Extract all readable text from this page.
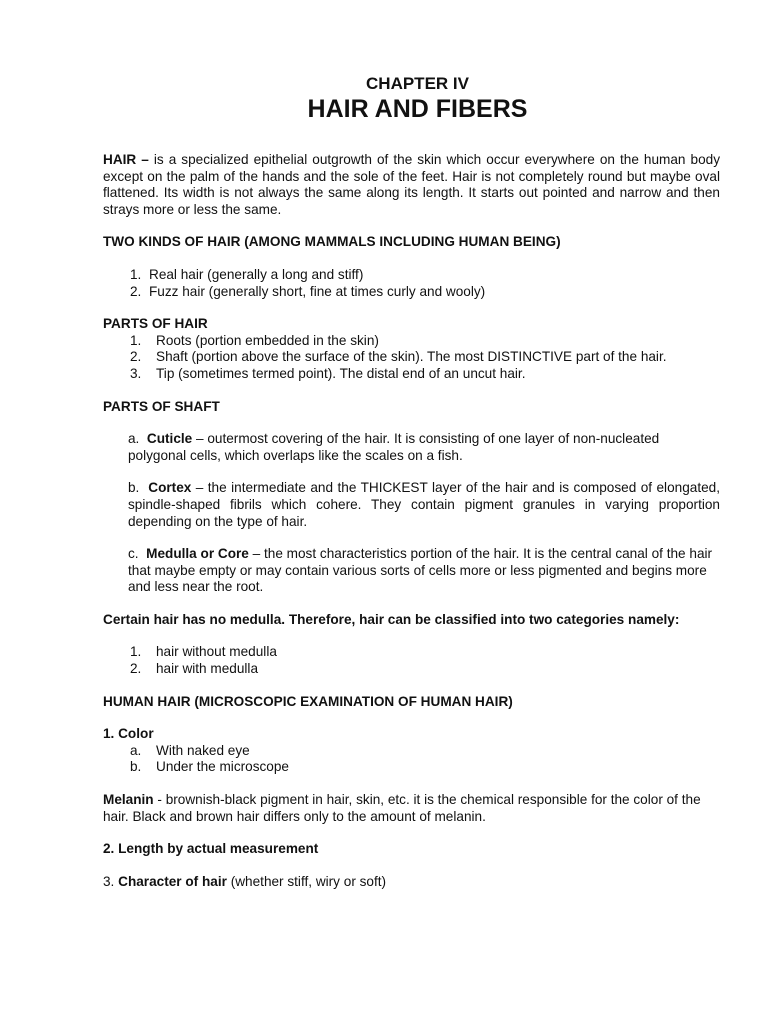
CHAPTER IV

HAIR AND FIBERS

HAIR – is a specialized epithelial outgrowth of the skin which occur everywhere on the human body except on the palm of the hands and the sole of the feet. Hair is not completely round but maybe oval flattened. Its width is not always the same along its length. It starts out pointed and narrow and then strays more or less the same.

TWO KINDS OF HAIR (AMONG MAMMALS INCLUDING HUMAN BEING)

1. Real hair (generally a long and stiff)
2. Fuzz hair (generally short, fine at times curly and wooly)

PARTS OF HAIR

1.	Roots (portion embedded in the skin)
2.	Shaft (portion above the surface of the skin). The most DISTINCTIVE part of the hair.
3.	Tip (sometimes termed point). The distal end of an uncut hair.

PARTS OF SHAFT

a. Cuticle – outermost covering of the hair. It is consisting of one layer of non-nucleated polygonal cells, which overlaps like the scales on a fish.

b. Cortex – the intermediate and the THICKEST layer of the hair and is composed of elongated, spindle-shaped fibrils which cohere. They contain pigment granules in varying proportion depending on the type of hair.

c. Medulla or Core – the most characteristics portion of the hair. It is the central canal of the hair that maybe empty or may contain various sorts of cells more or less pigmented and begins more and less near the root.

Certain hair has no medulla. Therefore, hair can be classified into two categories namely:

1.	hair without medulla
2.	hair with medulla

HUMAN HAIR (MICROSCOPIC EXAMINATION OF HUMAN HAIR)

1. Color

a.	With naked eye
b.	Under the microscope

Melanin - brownish-black pigment in hair, skin, etc. it is the chemical responsible for the color of the hair. Black and brown hair differs only to the amount of melanin.

2. Length by actual measurement

3. Character of hair (whether stiff, wiry or soft)
